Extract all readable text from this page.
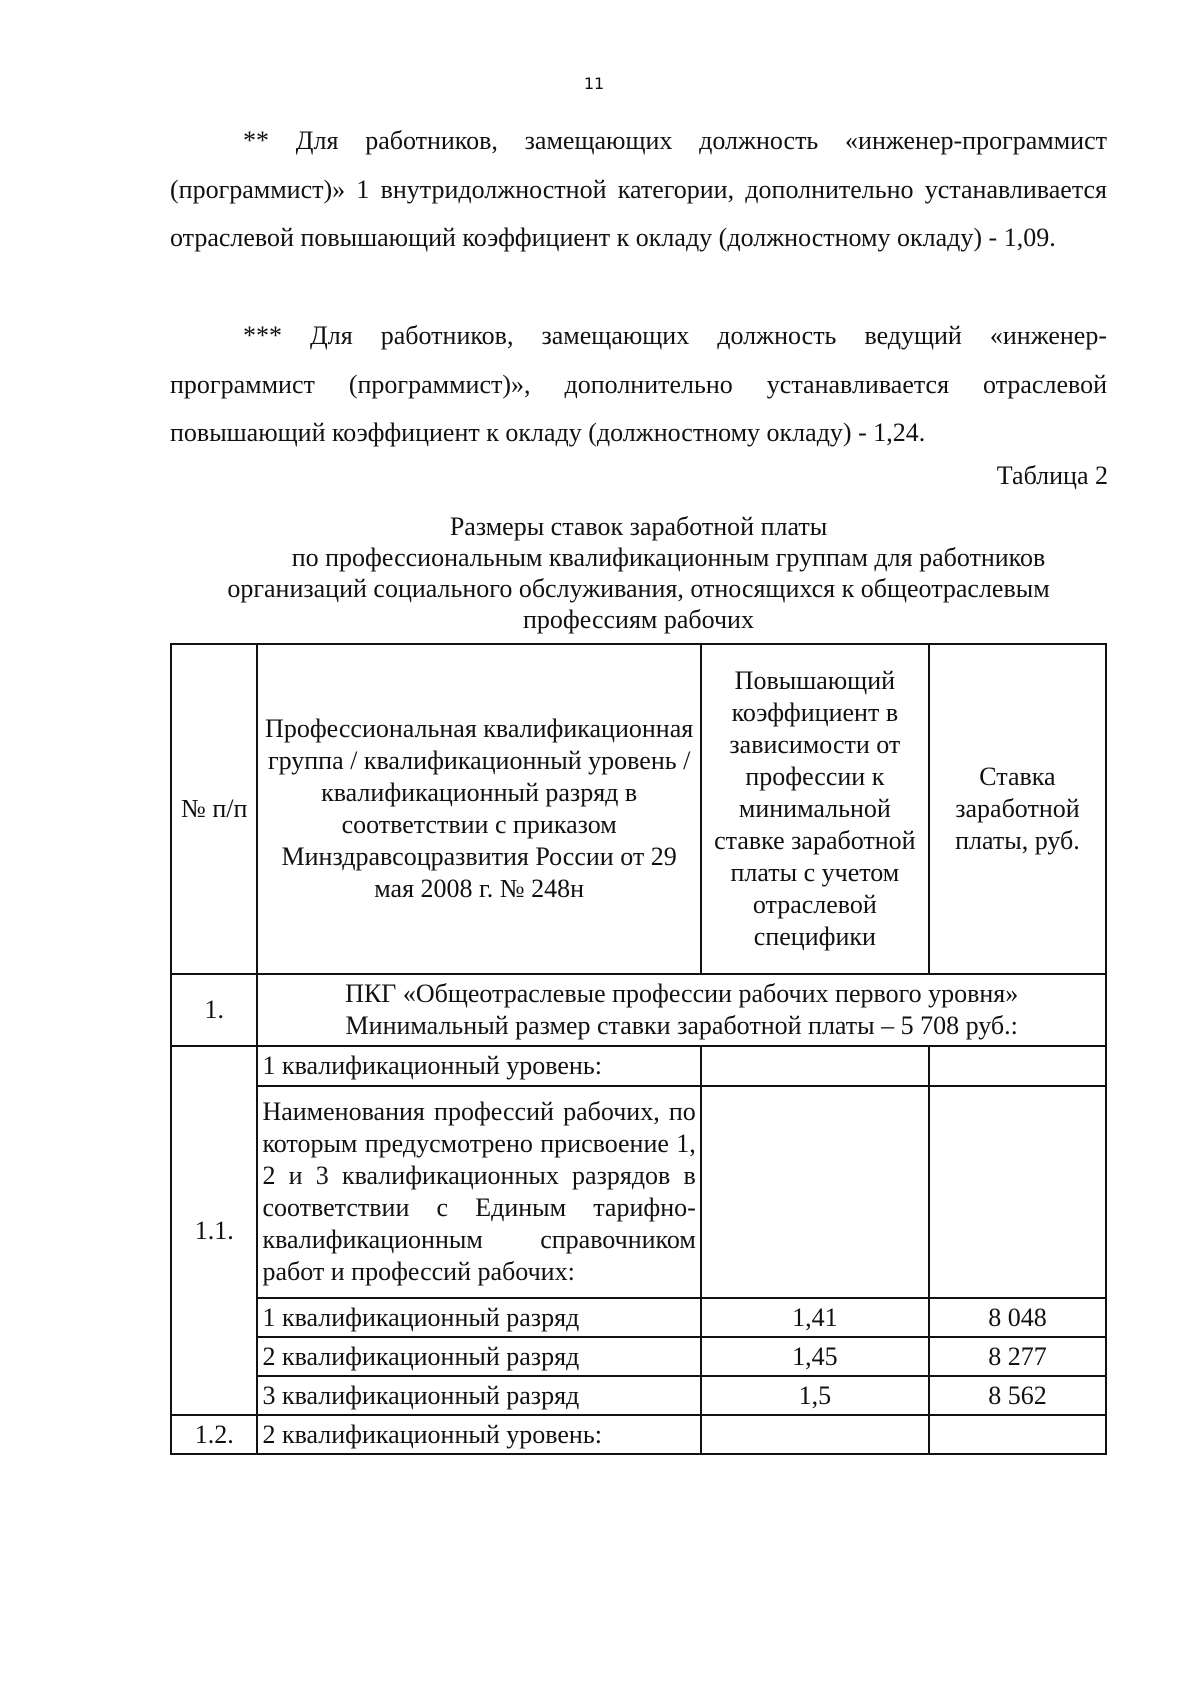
11

** Для работников, замещающих должность «инженер-программист (программист)» 1 внутридолжностной категории, дополнительно устанавливается отраслевой повышающий коэффициент к окладу (должностному окладу) - 1,09.

*** Для работников, замещающих должность ведущий «инженер-программист (программист)», дополнительно устанавливается отраслевой повышающий коэффициент к окладу (должностному окладу) - 1,24.

Таблица 2
Размеры ставок заработной платы
по профессиональным квалификационным группам для работников
организаций социального обслуживания, относящихся к общеотраслевым
профессиям рабочих
№ п/п	Профессиональная квалификационная группа / квалификационный уровень / квалификационный разряд в соответствии с приказом Минздравсоцразвития России от 29 мая 2008 г. № 248н	Повышающий коэффициент в зависимости от профессии к минимальной ставке заработной платы с учетом отраслевой специфики	Ставка заработной платы, руб.
1.	ПКГ «Общеотраслевые профессии рабочих первого уровня»
Минимальный размер ставки заработной платы – 5 708 руб.:		

1.1.	1 квалификационный уровень:		
	Наименования профессий рабочих, по которым предусмотрено присвоение 1, 2 и 3 квалификационных разрядов в соответствии с Единым тарифно-квалификационным справочником работ и профессий рабочих:		
	1 квалификационный разряд	1,41	8 048
	2 квалификационный разряд	1,45	8 277
	3 квалификационный разряд	1,5	8 562
1.2.	2 квалификационный уровень:		
